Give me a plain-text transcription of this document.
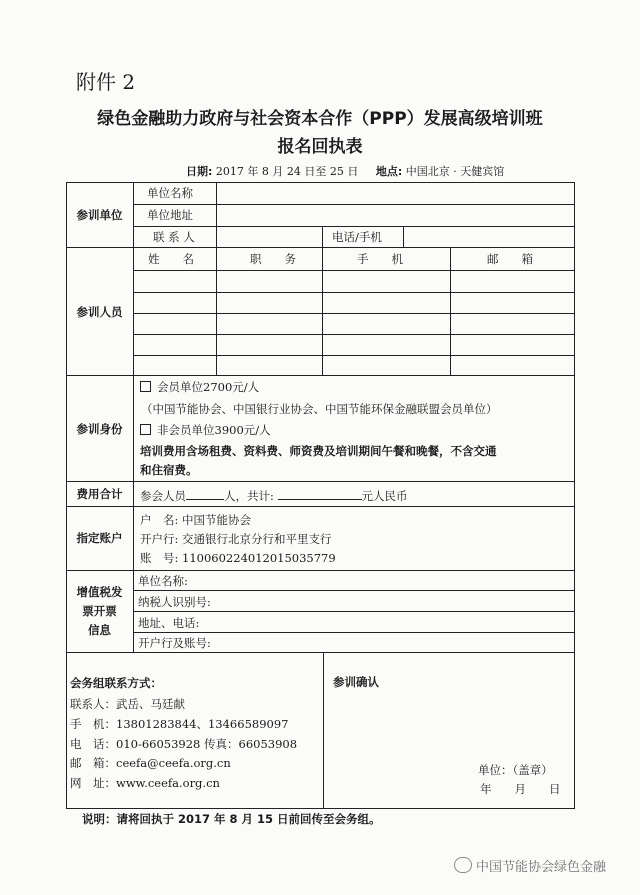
附件 2
绿色金融助力政府与社会资本合作（PPP）发展高级培训班
报名回执表
日期: 2017 年 8 月 24 日至 25 日 地点: 中国北京 · 天健宾馆
参训单位
单位名称
单位地址
联 系 人	电话/手机
参训人员
姓　　名	职　　务	手　　机	邮　　箱
参训身份
会员单位2700元/人
（中国节能协会、中国银行业协会、中国节能环保金融联盟会员单位）
非会员单位3900元/人
培训费用含场租费、资料费、师资费及培训期间午餐和晚餐，不含交通
和住宿费。
费用合计	参会人员	人，共计:	元人民币
指定账户
户　名: 中国节能协会
开户行: 交通银行北京分行和平里支行
账　号: 110060224012015035779
增值税发
票开票
信息
单位名称:
纳税人识别号:
地址、电话:
开户行及账号:
会务组联系方式：
联系人：武岳、马廷献
手　机：13801283844、13466589097
电　话：010-66053928 传真：66053908
邮　箱：ceefa@ceefa.org.cn
网　址：www.ceefa.org.cn
参训确认
单位：（盖章）
年　　月　　日
说明：请将回执于 2017 年 8 月 15 日前回传至会务组。
中国节能协会绿色金融
